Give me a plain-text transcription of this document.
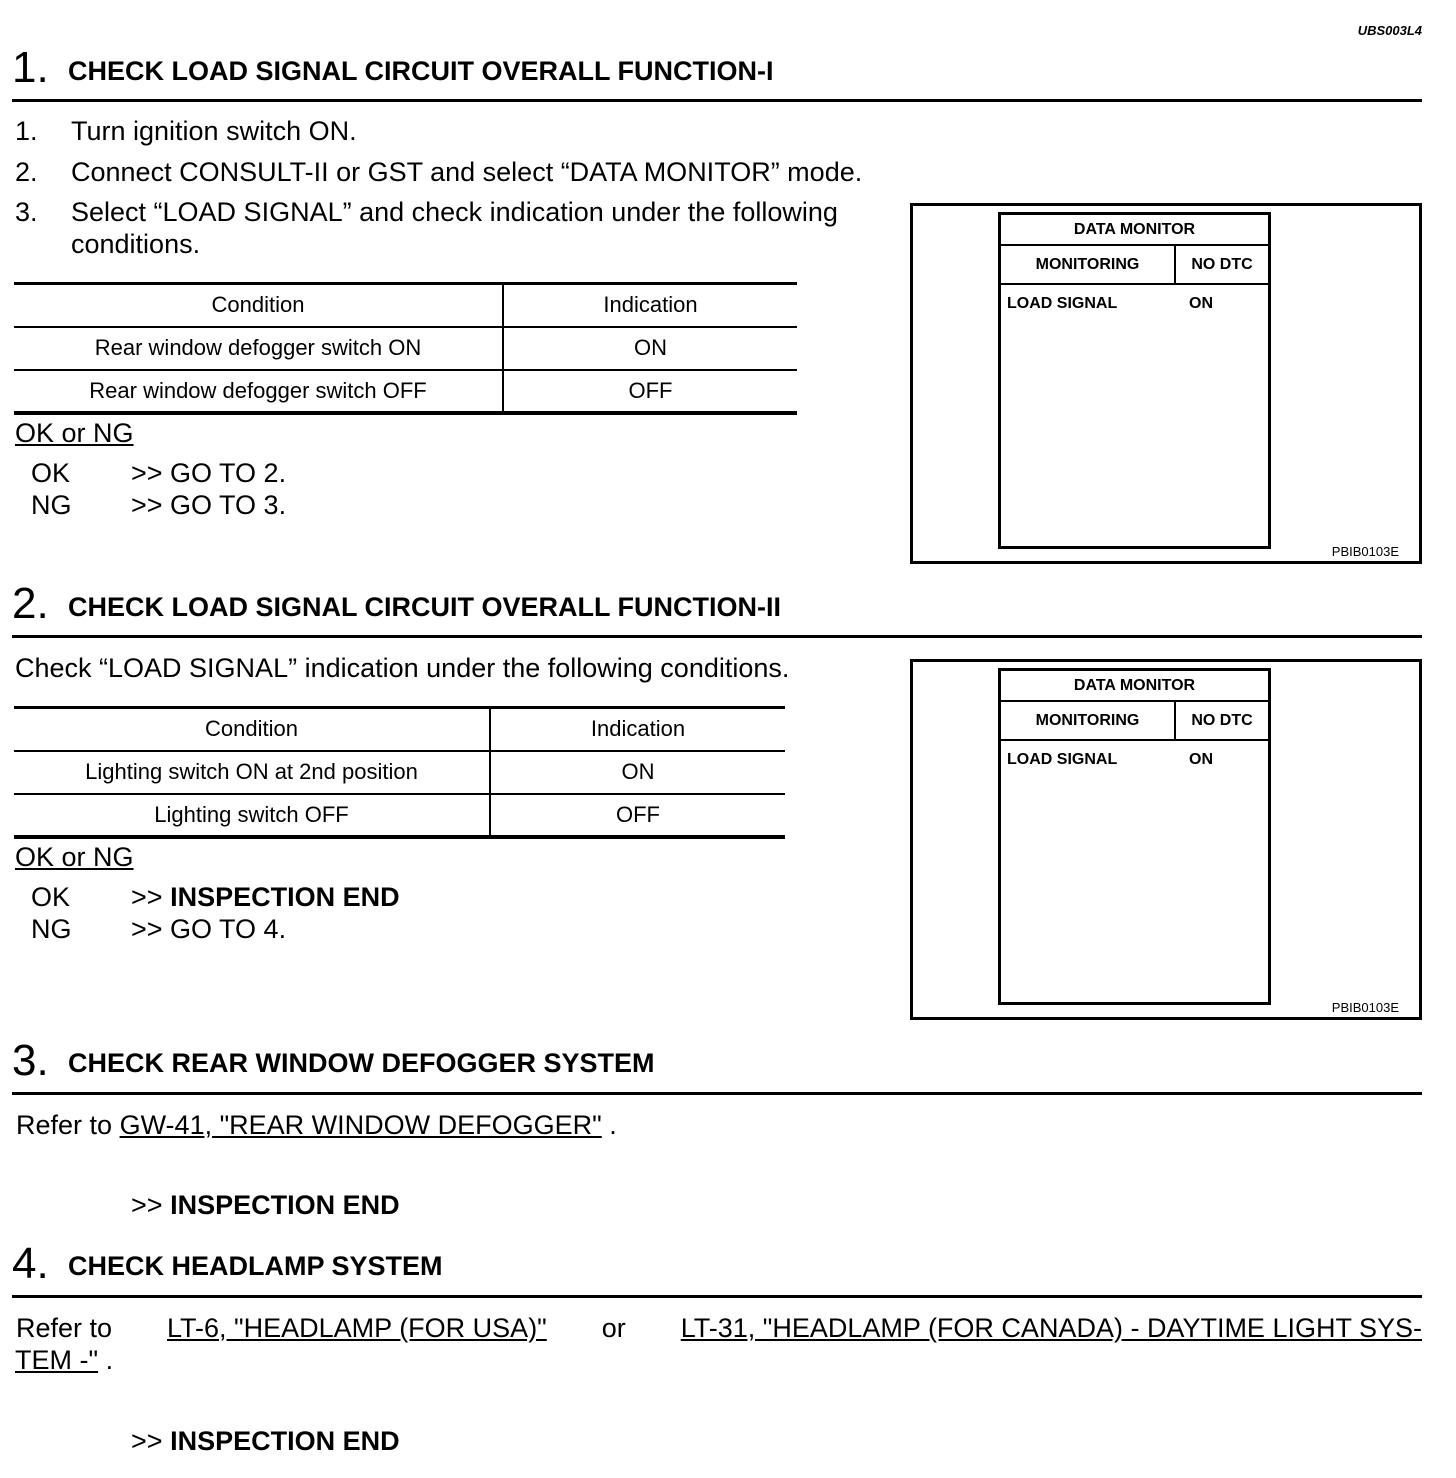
UBS003L4
1. CHECK LOAD SIGNAL CIRCUIT OVERALL FUNCTION-I
1. Turn ignition switch ON.
2. Connect CONSULT-II or GST and select “DATA MONITOR” mode.
3. Select “LOAD SIGNAL” and check indication under the following
conditions.
Condition	Indication
Rear window defogger switch ON	ON
Rear window defogger switch OFF	OFF
OK or NG
OK >> GO TO 2.
NG >> GO TO 3.
DATA MONITOR
MONITORING	NO DTC
LOAD SIGNAL	ON
PBIB0103E
2. CHECK LOAD SIGNAL CIRCUIT OVERALL FUNCTION-II
Check “LOAD SIGNAL” indication under the following conditions.
Condition	Indication
Lighting switch ON at 2nd position	ON
Lighting switch OFF	OFF
OK or NG
OK >> INSPECTION END
NG >> GO TO 4.
DATA MONITOR
MONITORING	NO DTC
LOAD SIGNAL	ON
PBIB0103E
3. CHECK REAR WINDOW DEFOGGER SYSTEM
Refer to GW-41, "REAR WINDOW DEFOGGER" .
>> INSPECTION END
4. CHECK HEADLAMP SYSTEM
Refer to LT-6, "HEADLAMP (FOR USA)" or LT-31, "HEADLAMP (FOR CANADA) - DAYTIME LIGHT SYS-
TEM -" .
>> INSPECTION END
